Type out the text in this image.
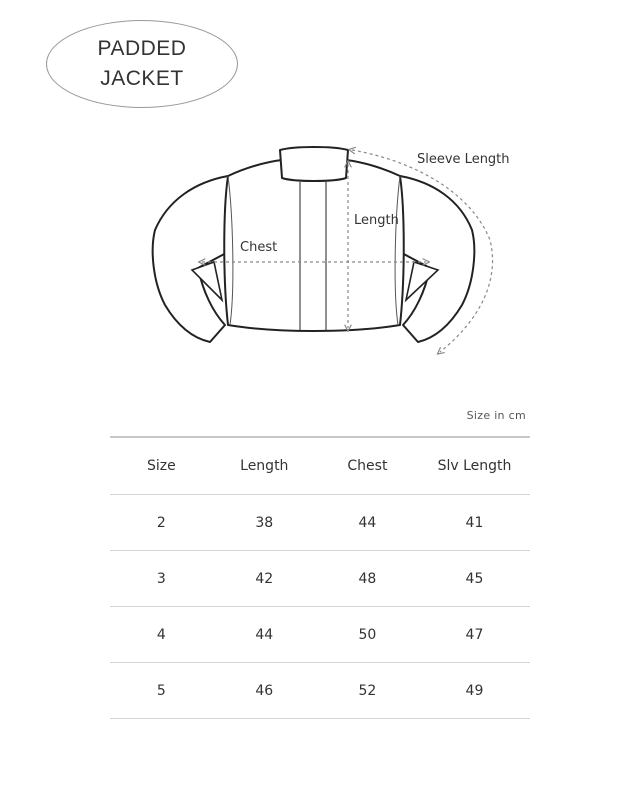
PADDED
JACKET
Sleeve Length
Length
Chest
Size in cm
Size	Length	Chest	Slv Length
2	38	44	41
3	42	48	45
4	44	50	47
5	46	52	49
